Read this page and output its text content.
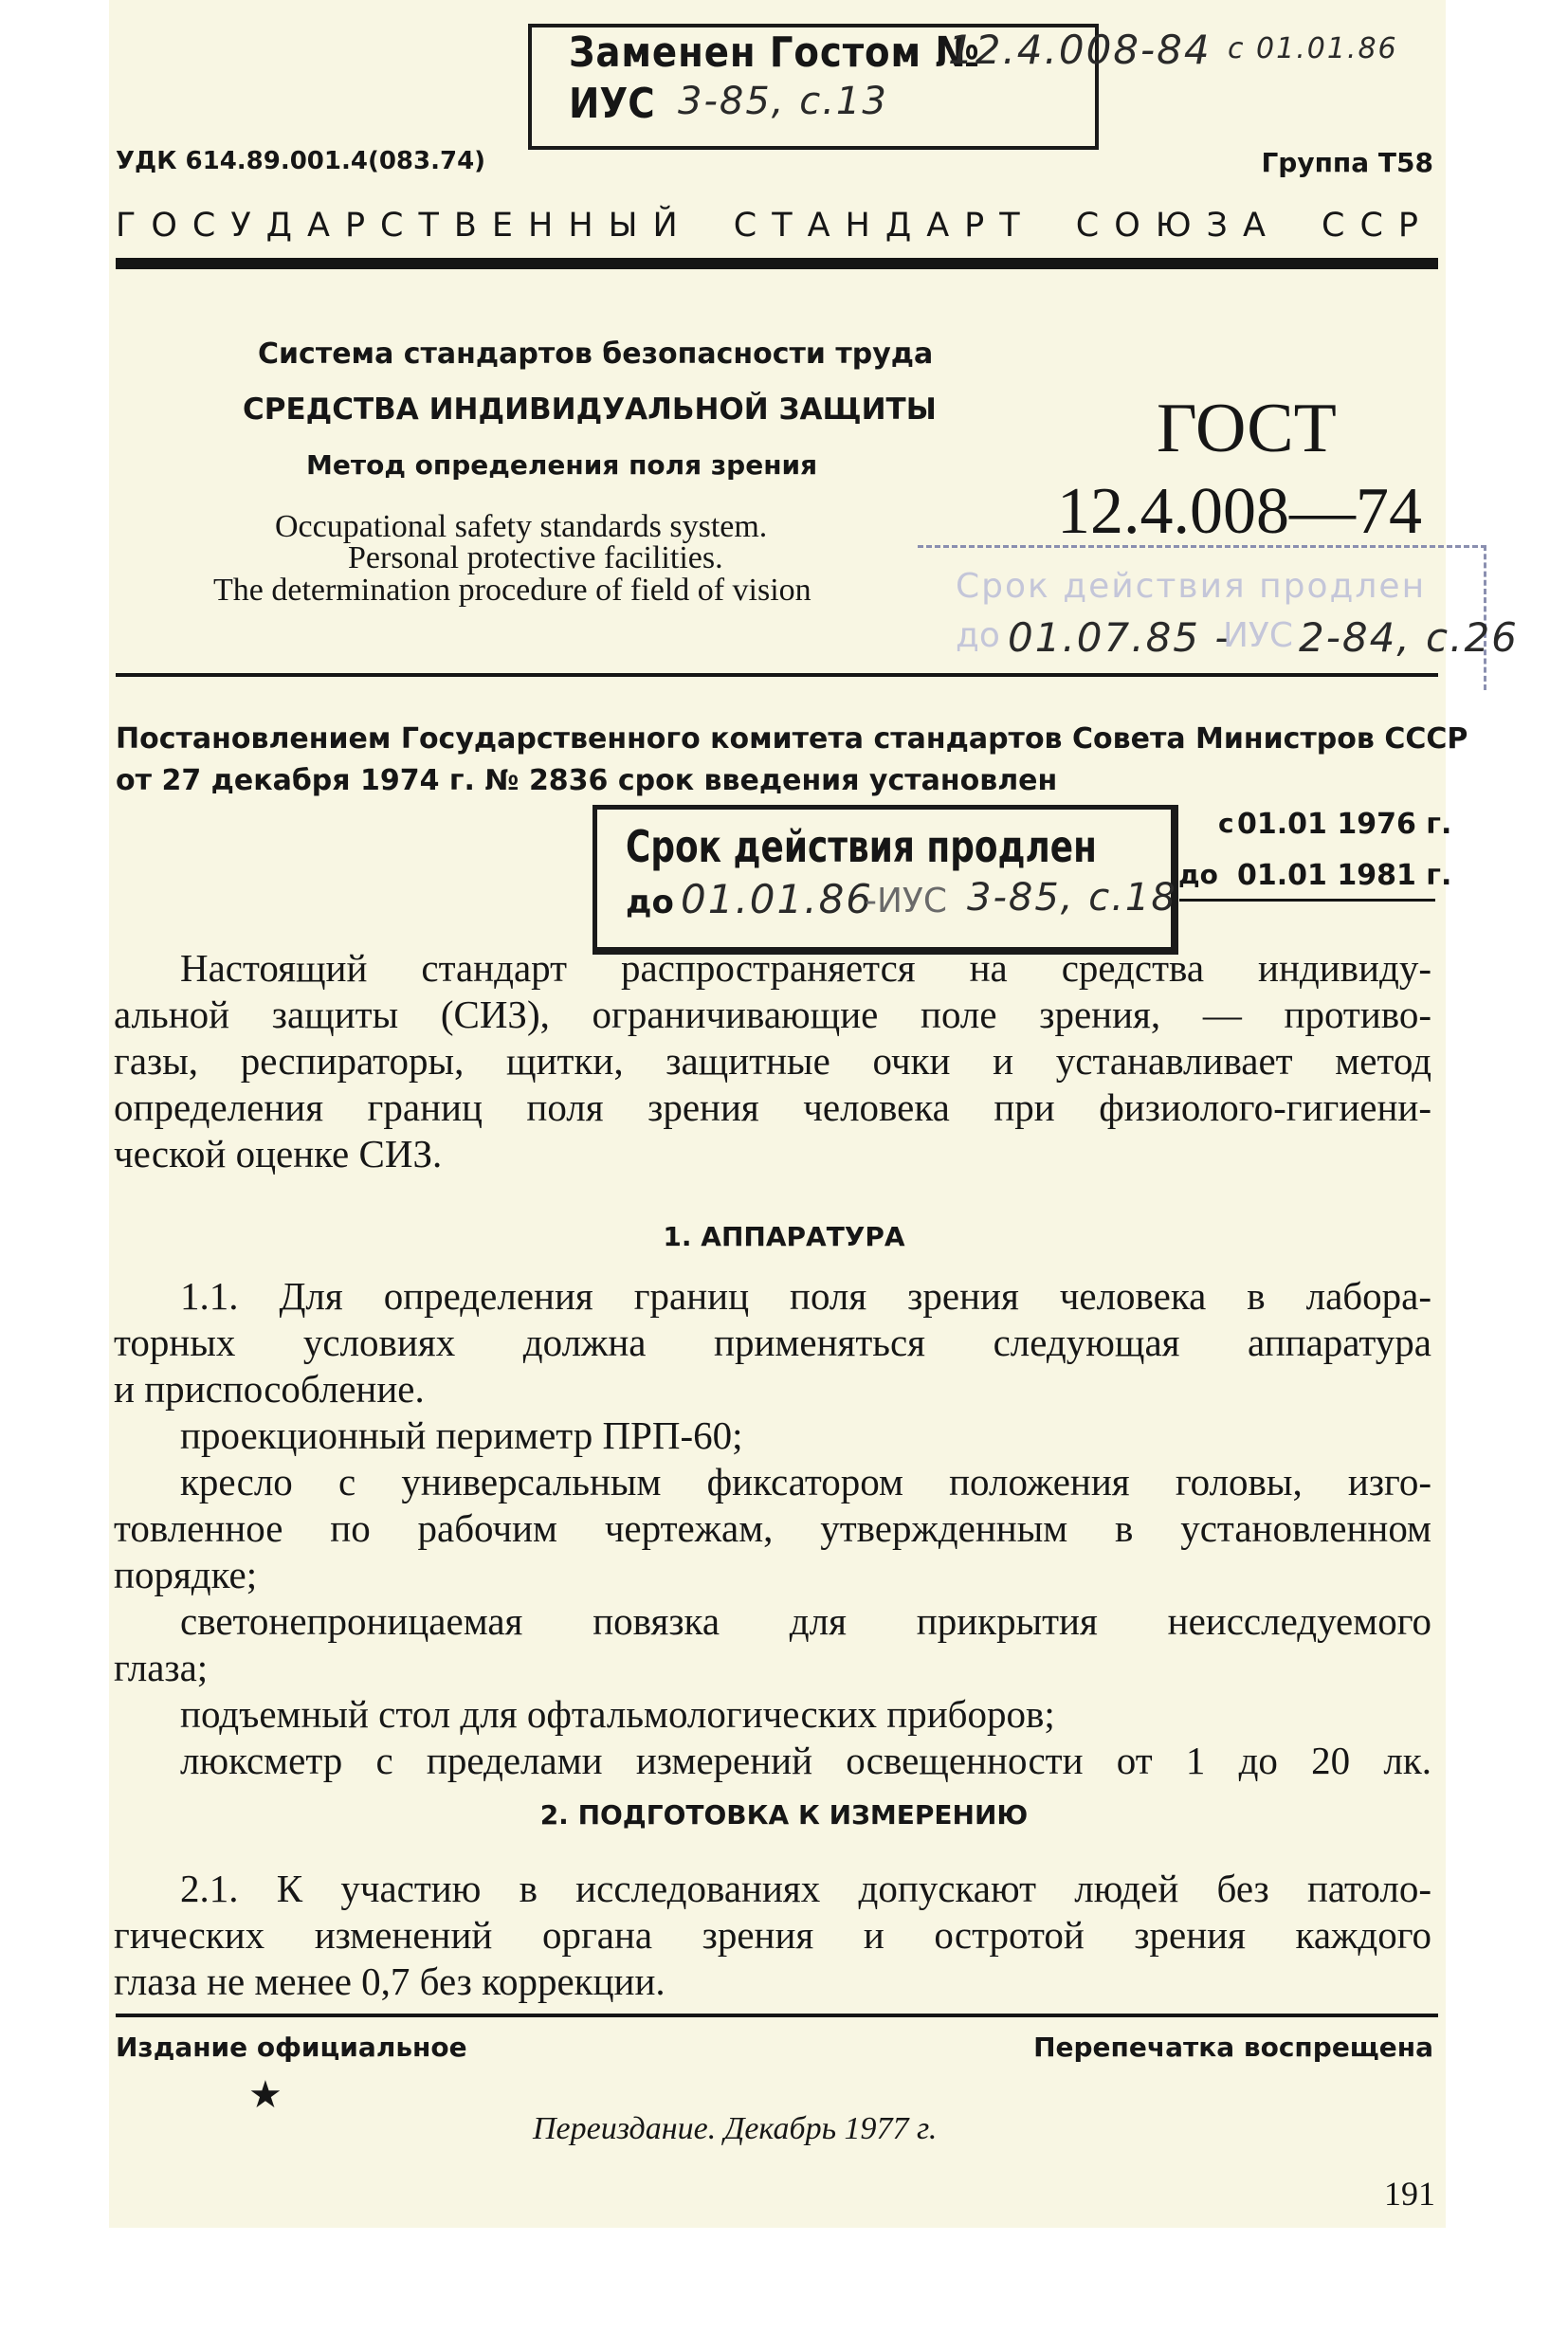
Заменен Гостом №
12.4.008-84 с 01.01.86
ИУС 3-85, с.13
УДК 614.89.001.4(083.74)	Группа Т58
ГОСУДАРСТВЕННЫЙ СТАНДАРТ СОЮЗА ССР
Система стандартов безопасности труда
СРЕДСТВА ИНДИВИДУАЛЬНОЙ ЗАЩИТЫ
Метод определения поля зрения
Occupational safety standards system.
Personal protective facilities.
The determination procedure of field of vision
ГОСТ
12.4.008—74
Срок действия продлен
до 01.07.85 -
ИУС 2-84, с.26
Постановлением Государственного комитета стандартов Совета Министров СССР
от 27 декабря 1974 г. № 2836 срок введения установлен
Срок действия продлен
до 01.01.86
-ИУС 3-85, с.18
с 01.01 1976 г.
до 01.01 1981 г.
Настоящий стандарт распространяется на средства индивиду-
альной защиты (СИЗ), ограничивающие поле зрения, — противо-
газы, респираторы, щитки, защитные очки и устанавливает метод
определения границ поля зрения человека при физиолого-гигиени-
ческой оценке СИЗ.
1. АППАРАТУРА
1.1. Для определения границ поля зрения человека в лабора-
торных условиях должна применяться следующая аппаратура
и приспособление.
проекционный периметр ПРП-60;
кресло с универсальным фиксатором положения головы, изго-
товленное по рабочим чертежам, утвержденным в установленном
порядке;
светонепроницаемая повязка для прикрытия неисследуемого
глаза;
подъемный стол для офтальмологических приборов;
люксметр с пределами измерений освещенности от 1 до 20 лк.
2. ПОДГОТОВКА К ИЗМЕРЕНИЮ
2.1. К участию в исследованиях допускают людей без патоло-
гических изменений органа зрения и остротой зрения каждого
глаза не менее 0,7 без коррекции.
Издание официальное	Перепечатка воспрещена
★
Переиздание. Декабрь 1977 г.
191
